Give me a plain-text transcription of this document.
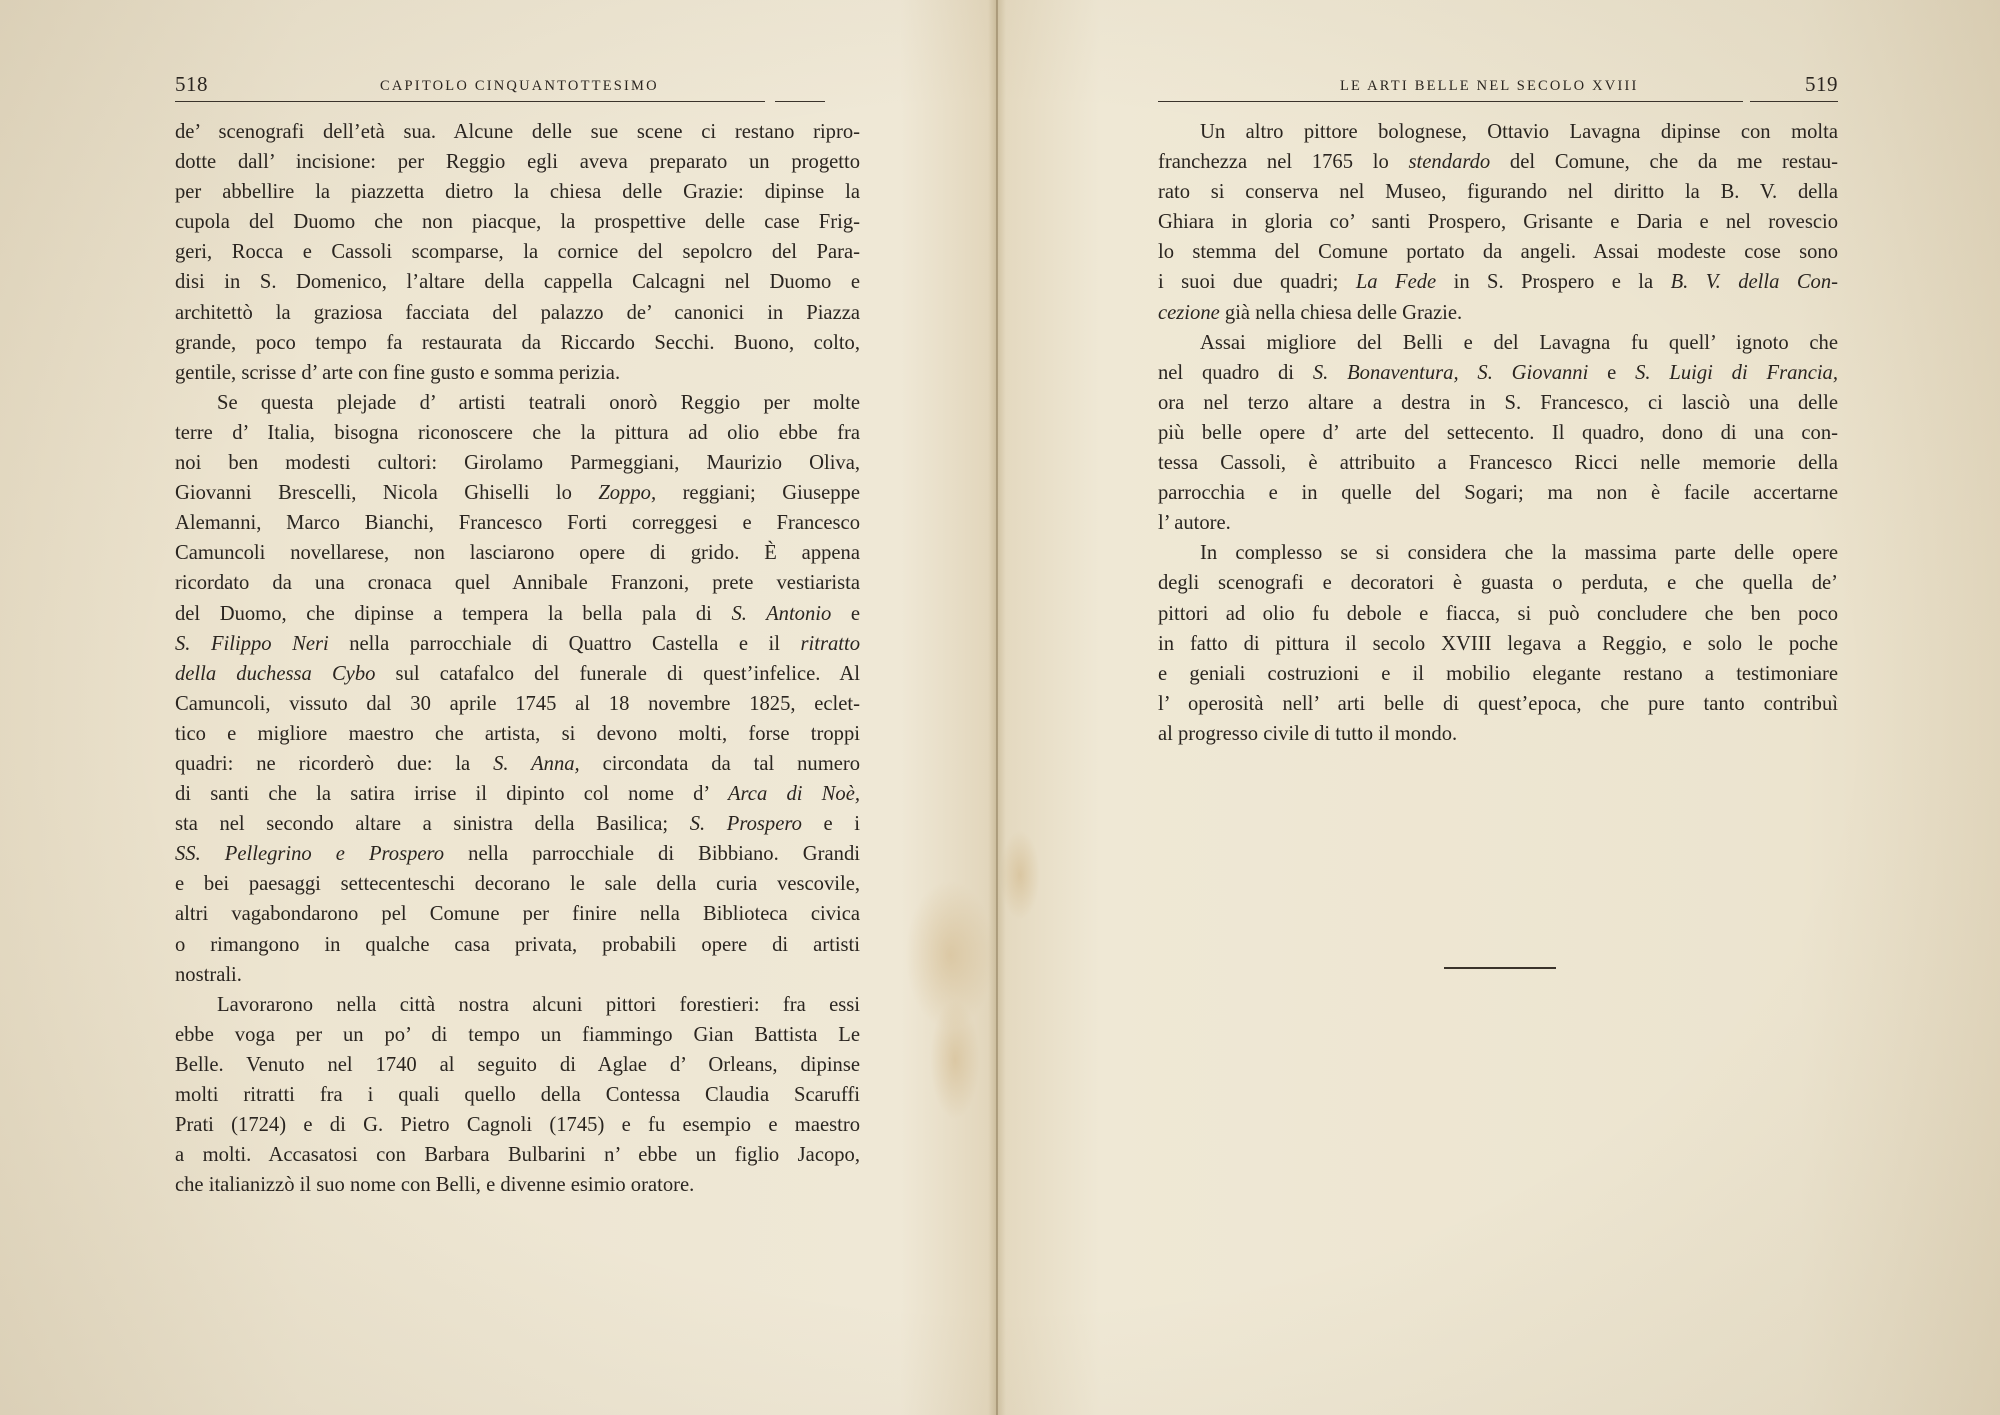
518	CAPITOLO CINQUANTOTTESIMO

de’ scenografi dell’età sua. Alcune delle sue scene ci restano ripro-
dotte dall’ incisione: per Reggio egli aveva preparato un progetto
per abbellire la piazzetta dietro la chiesa delle Grazie: dipinse la
cupola del Duomo che non piacque, la prospettive delle case Frig-
geri, Rocca e Cassoli scomparse, la cornice del sepolcro del Para-
disi in S. Domenico, l’altare della cappella Calcagni nel Duomo e
architettò la graziosa facciata del palazzo de’ canonici in Piazza
grande, poco tempo fa restaurata da Riccardo Secchi. Buono, colto,
gentile, scrisse d’ arte con fine gusto e somma perizia.

Se questa plejade d’ artisti teatrali onorò Reggio per molte
terre d’ Italia, bisogna riconoscere che la pittura ad olio ebbe fra
noi ben modesti cultori: Girolamo Parmeggiani, Maurizio Oliva,
Giovanni Brescelli, Nicola Ghiselli lo Zoppo, reggiani; Giuseppe
Alemanni, Marco Bianchi, Francesco Forti correggesi e Francesco
Camuncoli novellarese, non lasciarono opere di grido. È appena
ricordato da una cronaca quel Annibale Franzoni, prete vestiarista
del Duomo, che dipinse a tempera la bella pala di S. Antonio e
S. Filippo Neri nella parrocchiale di Quattro Castella e il ritratto
della duchessa Cybo sul catafalco del funerale di quest’infelice. Al
Camuncoli, vissuto dal 30 aprile 1745 al 18 novembre 1825, eclet-
tico e migliore maestro che artista, si devono molti, forse troppi
quadri: ne ricorderò due: la S. Anna, circondata da tal numero
di santi che la satira irrise il dipinto col nome d’ Arca di Noè,
sta nel secondo altare a sinistra della Basilica; S. Prospero e i
SS. Pellegrino e Prospero nella parrocchiale di Bibbiano. Grandi
e bei paesaggi settecenteschi decorano le sale della curia vescovile,
altri vagabondarono pel Comune per finire nella Biblioteca civica
o rimangono in qualche casa privata, probabili opere di artisti
nostrali.

Lavorarono nella città nostra alcuni pittori forestieri: fra essi
ebbe voga per un po’ di tempo un fiammingo Gian Battista Le
Belle. Venuto nel 1740 al seguito di Aglae d’ Orleans, dipinse
molti ritratti fra i quali quello della Contessa Claudia Scaruffi
Prati (1724) e di G. Pietro Cagnoli (1745) e fu esempio e maestro
a molti. Accasatosi con Barbara Bulbarini n’ ebbe un figlio Jacopo,
che italianizzò il suo nome con Belli, e divenne esimio oratore.

LE ARTI BELLE NEL SECOLO XVIII	519

Un altro pittore bolognese, Ottavio Lavagna dipinse con molta
franchezza nel 1765 lo stendardo del Comune, che da me restau-
rato si conserva nel Museo, figurando nel diritto la B. V. della
Ghiara in gloria co’ santi Prospero, Grisante e Daria e nel rovescio
lo stemma del Comune portato da angeli. Assai modeste cose sono
i suoi due quadri; La Fede in S. Prospero e la B. V. della Con-
cezione già nella chiesa delle Grazie.

Assai migliore del Belli e del Lavagna fu quell’ ignoto che
nel quadro di S. Bonaventura, S. Giovanni e S. Luigi di Francia,
ora nel terzo altare a destra in S. Francesco, ci lasciò una delle
più belle opere d’ arte del settecento. Il quadro, dono di una con-
tessa Cassoli, è attribuito a Francesco Ricci nelle memorie della
parrocchia e in quelle del Sogari; ma non è facile accertarne
l’ autore.

In complesso se si considera che la massima parte delle opere
degli scenografi e decoratori è guasta o perduta, e che quella de’
pittori ad olio fu debole e fiacca, si può concludere che ben poco
in fatto di pittura il secolo XVIII legava a Reggio, e solo le poche
e geniali costruzioni e il mobilio elegante restano a testimoniare
l’ operosità nell’ arti belle di quest’epoca, che pure tanto contribuì
al progresso civile di tutto il mondo.
